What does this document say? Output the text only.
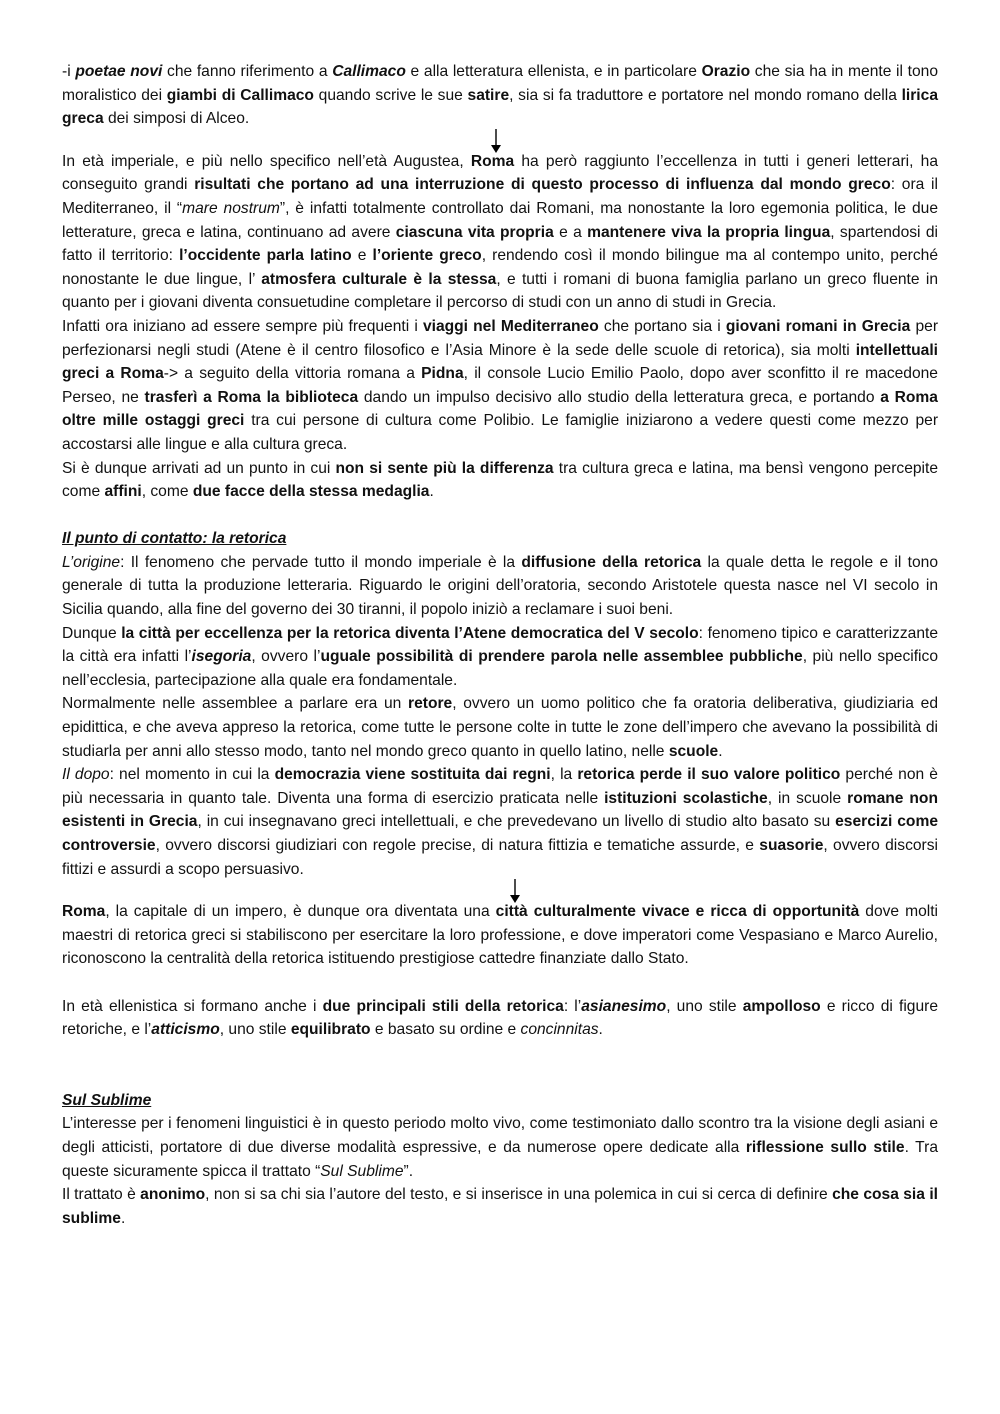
-i poetae novi che fanno riferimento a Callimaco e alla letteratura ellenista, e in particolare Orazio che sia ha in mente il tono moralistico dei giambi di Callimaco quando scrive le sue satire, sia si fa traduttore e portatore nel mondo romano della lirica greca dei simposi di Alceo.

In età imperiale, e più nello specifico nell’età Augustea, Roma ha però raggiunto l’eccellenza in tutti i generi letterari, ha conseguito grandi risultati che portano ad una interruzione di questo processo di influenza dal mondo greco: ora il Mediterraneo, il “mare nostrum”, è infatti totalmente controllato dai Romani, ma nonostante la loro egemonia politica, le due letterature, greca e latina, continuano ad avere ciascuna vita propria e a mantenere viva la propria lingua, spartendosi di fatto il territorio: l’occidente parla latino e l’oriente greco, rendendo così il mondo bilingue ma al contempo unito, perché nonostante le due lingue, l’ atmosfera culturale è la stessa, e tutti i romani di buona famiglia parlano un greco fluente in quanto per i giovani diventa consuetudine completare il percorso di studi con un anno di studi in Grecia.

Infatti ora iniziano ad essere sempre più frequenti i viaggi nel Mediterraneo che portano sia i giovani romani in Grecia per perfezionarsi negli studi (Atene è il centro filosofico e l’Asia Minore è la sede delle scuole di retorica), sia molti intellettuali greci a Roma-> a seguito della vittoria romana a Pidna, il console Lucio Emilio Paolo, dopo aver sconfitto il re macedone Perseo, ne trasferì a Roma la biblioteca dando un impulso decisivo allo studio della letteratura greca, e portando a Roma oltre mille ostaggi greci tra cui persone di cultura come Polibio. Le famiglie iniziarono a vedere questi come mezzo per accostarsi alle lingue e alla cultura greca.

Si è dunque arrivati ad un punto in cui non si sente più la differenza tra cultura greca e latina, ma bensì vengono percepite come affini, come due facce della stessa medaglia.

Il punto di contatto: la retorica

L’origine: Il fenomeno che pervade tutto il mondo imperiale è la diffusione della retorica la quale detta le regole e il tono generale di tutta la produzione letteraria. Riguardo le origini dell’oratoria, secondo Aristotele questa nasce nel VI secolo in Sicilia quando, alla fine del governo dei 30 tiranni, il popolo iniziò a reclamare i suoi beni.

Dunque la città per eccellenza per la retorica diventa l’Atene democratica del V secolo: fenomeno tipico e caratterizzante la città era infatti l’isegoria, ovvero l’uguale possibilità di prendere parola nelle assemblee pubbliche, più nello specifico nell’ecclesia, partecipazione alla quale era fondamentale.

Normalmente nelle assemblee a parlare era un retore, ovvero un uomo politico che fa oratoria deliberativa, giudiziaria ed epidittica, e che aveva appreso la retorica, come tutte le persone colte in tutte le zone dell’impero che avevano la possibilità di studiarla per anni allo stesso modo, tanto nel mondo greco quanto in quello latino, nelle scuole.

Il dopo: nel momento in cui la democrazia viene sostituita dai regni, la retorica perde il suo valore politico perché non è più necessaria in quanto tale. Diventa una forma di esercizio praticata nelle istituzioni scolastiche, in scuole romane non esistenti in Grecia, in cui insegnavano greci intellettuali, e che prevedevano un livello di studio alto basato su esercizi come controversie, ovvero discorsi giudiziari con regole precise, di natura fittizia e tematiche assurde, e suasorie, ovvero discorsi fittizi e assurdi a scopo persuasivo.

Roma, la capitale di un impero, è dunque ora diventata una città culturalmente vivace e ricca di opportunità dove molti maestri di retorica greci si stabiliscono per esercitare la loro professione, e dove imperatori come Vespasiano e Marco Aurelio, riconoscono la centralità della retorica istituendo prestigiose cattedre finanziate dallo Stato.

In età ellenistica si formano anche i due principali stili della retorica: l’asianesimo, uno stile ampolloso e ricco di figure retoriche, e l’atticismo, uno stile equilibrato e basato su ordine e concinnitas.

Sul Sublime

L’interesse per i fenomeni linguistici è in questo periodo molto vivo, come testimoniato dallo scontro tra la visione degli asiani e degli atticisti, portatore di due diverse modalità espressive, e da numerose opere dedicate alla riflessione sullo stile. Tra queste sicuramente spicca il trattato “Sul Sublime”.

Il trattato è anonimo, non si sa chi sia l’autore del testo, e si inserisce in una polemica in cui si cerca di definire che cosa sia il sublime.
